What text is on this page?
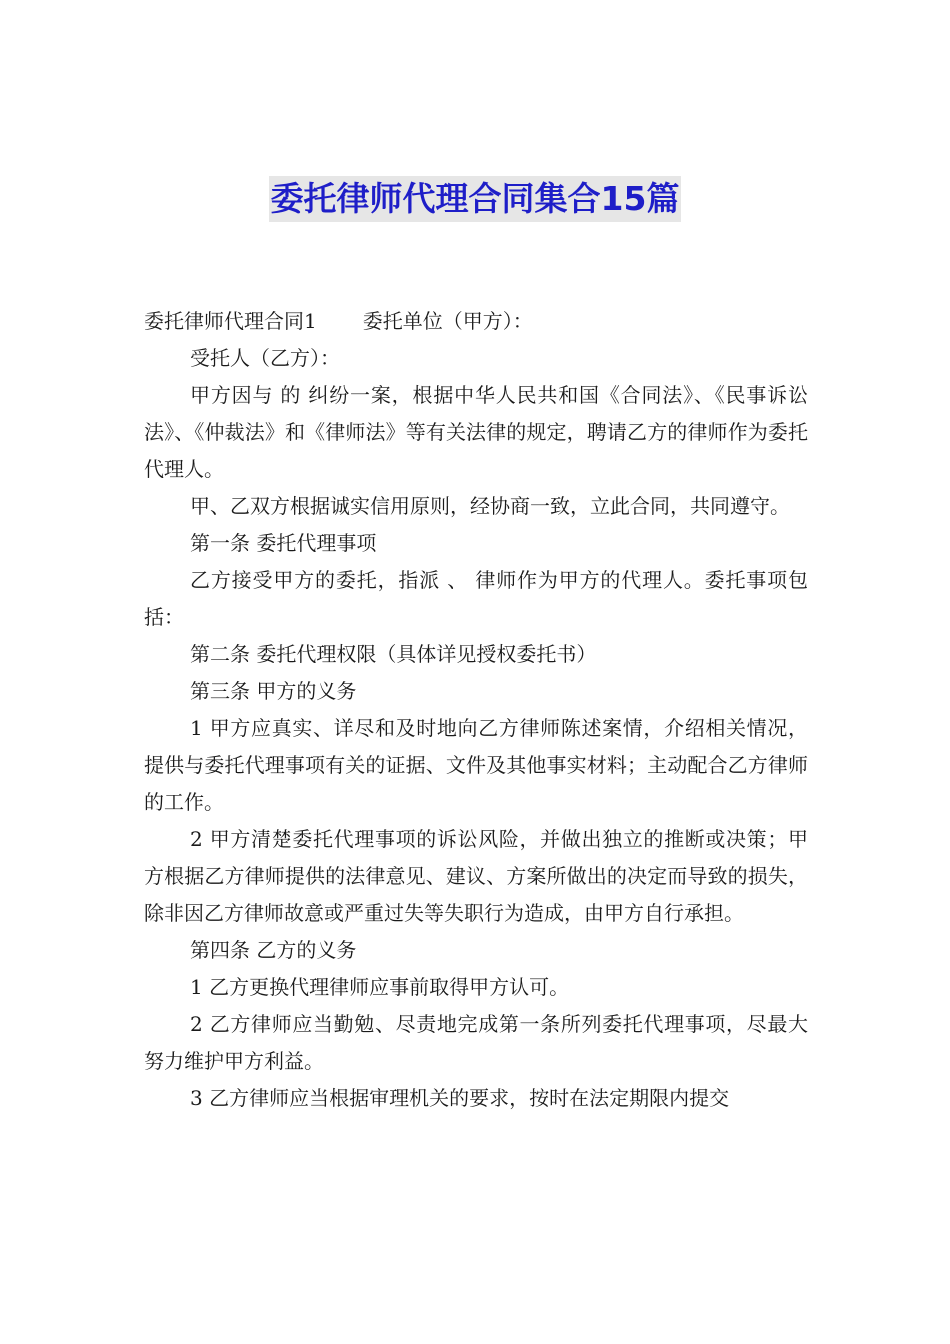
委托律师代理合同集合15篇

委托律师代理合同1 委托单位（甲方）：

受托人（乙方）：

甲方因与 的 纠纷一案，根据中华人民共和国《合同法》、《民事诉讼法》、《仲裁法》和《律师法》等有关法律的规定，聘请乙方的律师作为委托代理人。

甲、乙双方根据诚实信用原则，经协商一致，立此合同，共同遵守。

第一条 委托代理事项

乙方接受甲方的委托，指派 、 律师作为甲方的代理人。委托事项包括：

第二条 委托代理权限（具体详见授权委托书）

第三条 甲方的义务

1 甲方应真实、详尽和及时地向乙方律师陈述案情，介绍相关情况，提供与委托代理事项有关的证据、文件及其他事实材料；主动配合乙方律师的工作。

2 甲方清楚委托代理事项的诉讼风险，并做出独立的推断或决策；甲方根据乙方律师提供的法律意见、建议、方案所做出的决定而导致的损失，除非因乙方律师故意或严重过失等失职行为造成，由甲方自行承担。

第四条 乙方的义务

1 乙方更换代理律师应事前取得甲方认可。

2 乙方律师应当勤勉、尽责地完成第一条所列委托代理事项，尽最大努力维护甲方利益。

3 乙方律师应当根据审理机关的要求，按时在法定期限内提交
